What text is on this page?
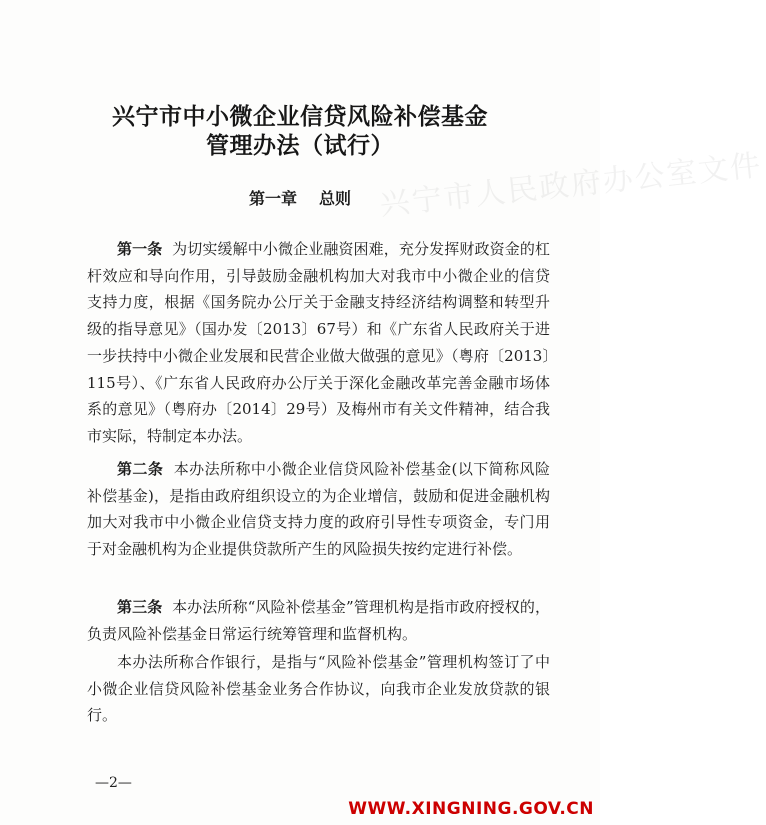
兴宁市人民政府办公室文件
兴宁市中小微企业信贷风险补偿基金
管理办法（试行）
第一章 总则

第一条 为切实缓解中小微企业融资困难，充分发挥财政资金的杠杆效应和导向作用，引导鼓励金融机构加大对我市中小微企业的信贷支持力度，根据《国务院办公厅关于金融支持经济结构调整和转型升级的指导意见》（国办发〔2013〕67号）和《广东省人民政府关于进一步扶持中小微企业发展和民营企业做大做强的意见》（粤府〔2013〕115号）、《广东省人民政府办公厅关于深化金融改革完善金融市场体系的意见》（粤府办〔2014〕29号）及梅州市有关文件精神，结合我市实际，特制定本办法。

第二条 本办法所称中小微企业信贷风险补偿基金(以下简称风险补偿基金)，是指由政府组织设立的为企业增信，鼓励和促进金融机构加大对我市中小微企业信贷支持力度的政府引导性专项资金，专门用于对金融机构为企业提供贷款所产生的风险损失按约定进行补偿。

第三条 本办法所称“风险补偿基金”管理机构是指市政府授权的，负责风险补偿基金日常运行统筹管理和监督机构。

本办法所称合作银行，是指与“风险补偿基金”管理机构签订了中小微企业信贷风险补偿基金业务合作协议，向我市企业发放贷款的银行。

—2—
WWW.XINGNING.GOV.CN
